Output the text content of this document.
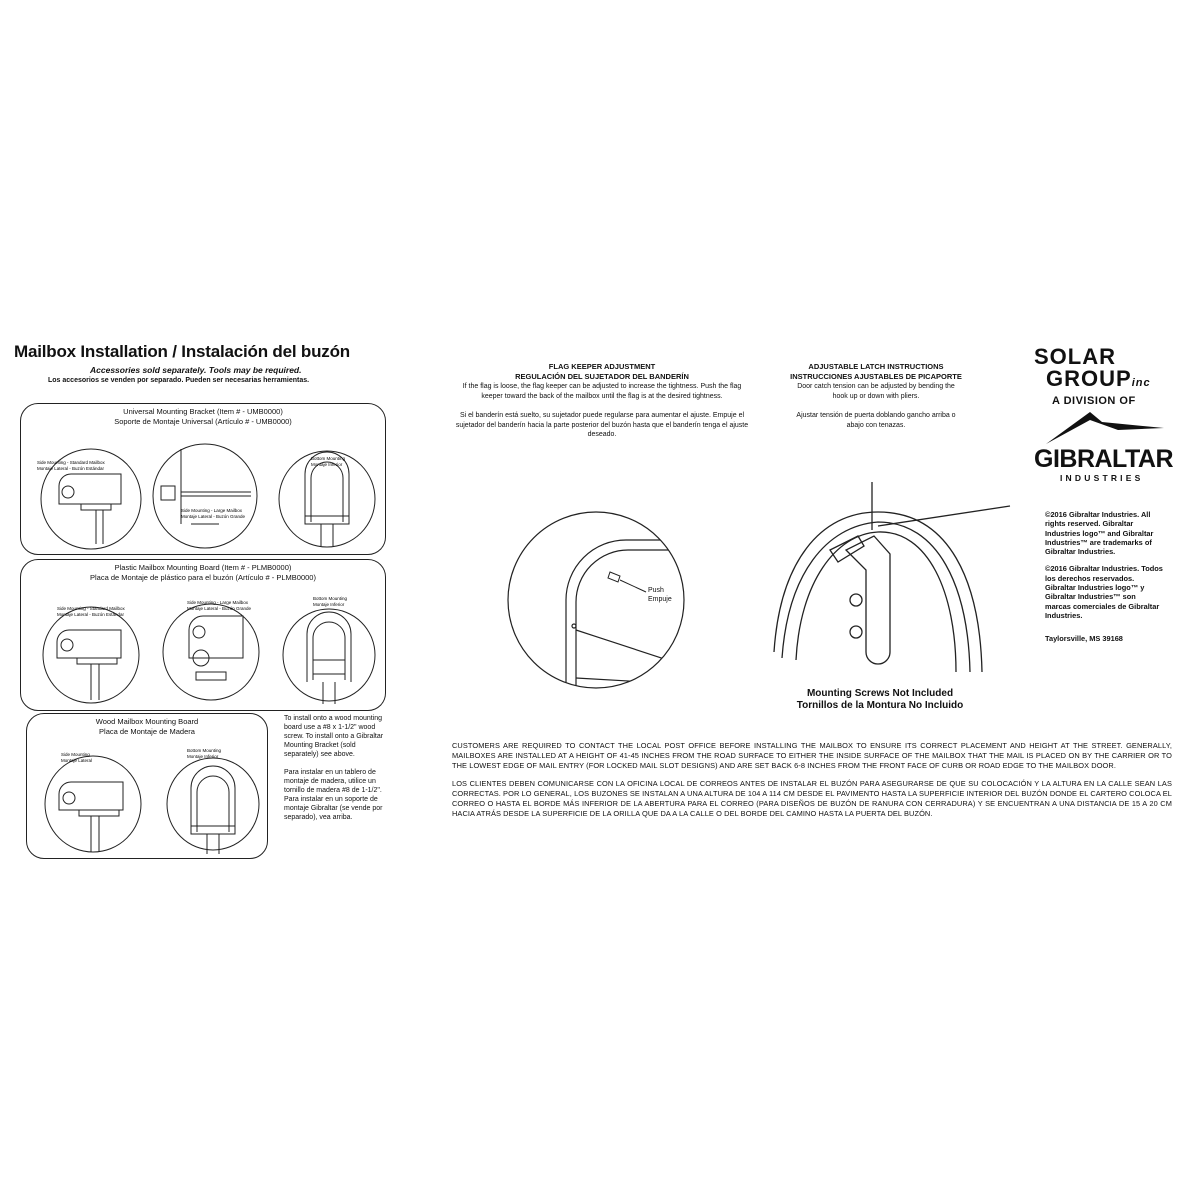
Mailbox Installation / Instalación del buzón
Accessories sold separately. Tools may be required.
Los accesorios se venden por separado. Pueden ser necesarias herramientas.
Universal Mounting Bracket (Item # - UMB0000)
Soporte de Montaje Universal (Artículo # - UMB0000)
Side Mounting - Standard Mailbox
Montaje Lateral - Buzón Estándar
Side Mounting - Large Mailbox
Montaje Lateral - Buzón Grande
Bottom Mounting
Montaje Inferior
Plastic Mailbox Mounting Board (Item # - PLMB0000)
Placa de Montaje de plástico para el buzón (Artículo # - PLMB0000)
Side Mounting - Standard Mailbox
Montaje Lateral - Buzón Estándar
Side Mounting - Large Mailbox
Montaje Lateral - Buzón Grande
Bottom Mounting
Montaje Inferior
Wood Mailbox Mounting Board
Placa de Montaje de Madera
Side Mounting
Montaje Lateral
Bottom Mounting
Montaje Inferior
To install onto a wood mounting board use a #8 x 1-1/2" wood screw. To install onto a Gibraltar Mounting Bracket (sold separately) see above.
Para instalar en un tablero de montaje de madera, utilice un tornillo de madera #8 de 1-1/2". Para instalar en un soporte de montaje Gibraltar (se vende por separado), vea arriba.
FLAG KEEPER ADJUSTMENT
REGULACIÓN DEL SUJETADOR DEL BANDERÍN
If the flag is loose, the flag keeper can be adjusted to increase the tightness. Push the flag keeper toward the back of the mailbox until the flag is at the desired tightness.
Si el banderín está suelto, su sujetador puede regularse para aumentar el ajuste. Empuje el sujetador del banderín hacia la parte posterior del buzón hasta que el banderín tenga el ajuste deseado.
Push
Empuje
ADJUSTABLE LATCH INSTRUCTIONS
INSTRUCCIONES AJUSTABLES DE PICAPORTE
Door catch tension can be adjusted by bending the hook up or down with pliers.
Ajustar tensión de puerta doblando gancho arriba o abajo con tenazas.
Mounting Screws Not Included
Tornillos de la Montura No Incluido
SOLAR
GROUPinc
A DIVISION OF
GIBRALTAR
INDUSTRIES
©2016 Gibraltar Industries. All rights reserved. Gibraltar Industries logo™ and Gibraltar Industries™ are trademarks of Gibraltar Industries.
©2016 Gibraltar Industries. Todos los derechos reservados. Gibraltar Industries logo™ y Gibraltar Industries™ son marcas comerciales de Gibraltar Industries.
Taylorsville, MS 39168
CUSTOMERS ARE REQUIRED TO CONTACT THE LOCAL POST OFFICE BEFORE INSTALLING THE MAILBOX TO ENSURE ITS CORRECT PLACEMENT AND HEIGHT AT THE STREET. GENERALLY, MAILBOXES ARE INSTALLED AT A HEIGHT OF 41-45 INCHES FROM THE ROAD SURFACE TO EITHER THE INSIDE SURFACE OF THE MAILBOX THAT THE MAIL IS PLACED ON BY THE CARRIER OR TO THE LOWEST EDGE OF MAIL ENTRY (FOR LOCKED MAIL SLOT DESIGNS) AND ARE SET BACK 6-8 INCHES FROM THE FRONT FACE OF CURB OR ROAD EDGE TO THE MAILBOX DOOR.
LOS CLIENTES DEBEN COMUNICARSE CON LA OFICINA LOCAL DE CORREOS ANTES DE INSTALAR EL BUZÓN PARA ASEGURARSE DE QUE SU COLOCACIÓN Y LA ALTURA EN LA CALLE SEAN LAS CORRECTAS. POR LO GENERAL, LOS BUZONES SE INSTALAN A UNA ALTURA DE 104 A 114 CM DESDE EL PAVIMENTO HASTA LA SUPERFICIE INTERIOR DEL BUZÓN DONDE EL CARTERO COLOCA EL CORREO O HASTA EL BORDE MÁS INFERIOR DE LA ABERTURA PARA EL CORREO (PARA DISEÑOS DE BUZÓN DE RANURA CON CERRADURA) Y SE ENCUENTRAN A UNA DISTANCIA DE 15 A 20 CM HACIA ATRÁS DESDE LA SUPERFICIE DE LA ORILLA QUE DA A LA CALLE O DEL BORDE DEL CAMINO HASTA LA PUERTA DEL BUZÓN.
